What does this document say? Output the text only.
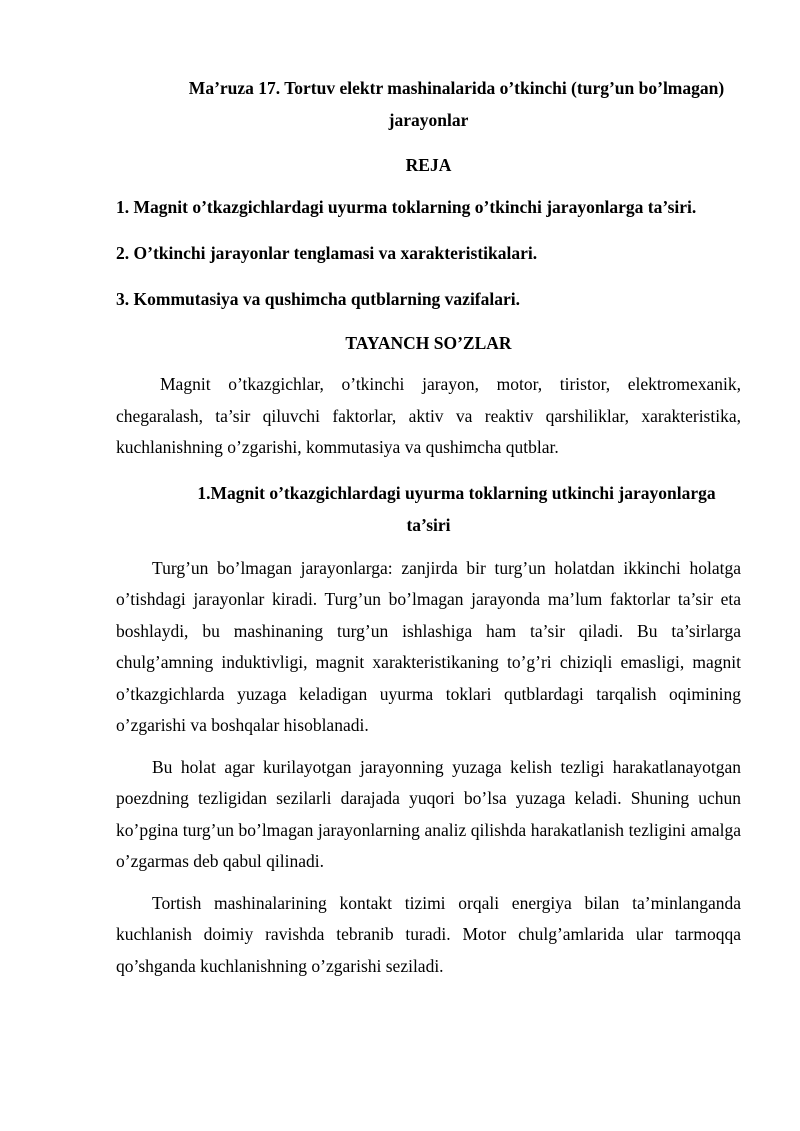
Ma’ruza 17. Tortuv elektr mashinalarida o’tkinchi (turg’un bo’lmagan)
jarayonlar

REJA

1. Magnit o’tkazgichlardagi uyurma toklarning o’tkinchi jarayonlarga ta’siri.

2. O’tkinchi jarayonlar tenglamasi va xarakteristikalari.

3. Kommutasiya va qushimcha qutblarning vazifalari.

TAYANCH SO’ZLAR

Magnit o’tkazgichlar, o’tkinchi jarayon, motor, tiristor, elektromexanik, chegaralash, ta’sir qiluvchi faktorlar, aktiv va reaktiv qarshiliklar, xarakteristika, kuchlanishning o’zgarishi, kommutasiya va qushimcha qutblar.

1.Magnit o’tkazgichlardagi uyurma toklarning utkinchi jarayonlarga
ta’siri

Turg’un bo’lmagan jarayonlarga: zanjirda bir turg’un holatdan ikkinchi holatga o’tishdagi jarayonlar kiradi. Turg’un bo’lmagan jarayonda ma’lum faktorlar ta’sir eta boshlaydi, bu mashinaning turg’un ishlashiga ham ta’sir qiladi. Bu ta’sirlarga chulg’amning induktivligi, magnit xarakteristikaning to’g’ri chiziqli emasligi, magnit o’tkazgichlarda yuzaga keladigan uyurma toklari qutblardagi tarqalish oqimining o’zgarishi va boshqalar hisoblanadi.

Bu holat agar kurilayotgan jarayonning yuzaga kelish tezligi harakatlanayotgan poezdning tezligidan sezilarli darajada yuqori bo’lsa yuzaga keladi. Shuning uchun ko’pgina turg’un bo’lmagan jarayonlarning analiz qilishda harakatlanish tezligini amalga o’zgarmas deb qabul qilinadi.

Tortish mashinalarining kontakt tizimi orqali energiya bilan ta’minlanganda kuchlanish doimiy ravishda tebranib turadi. Motor chulg’amlarida ular tarmoqqa qo’shganda kuchlanishning o’zgarishi seziladi.
